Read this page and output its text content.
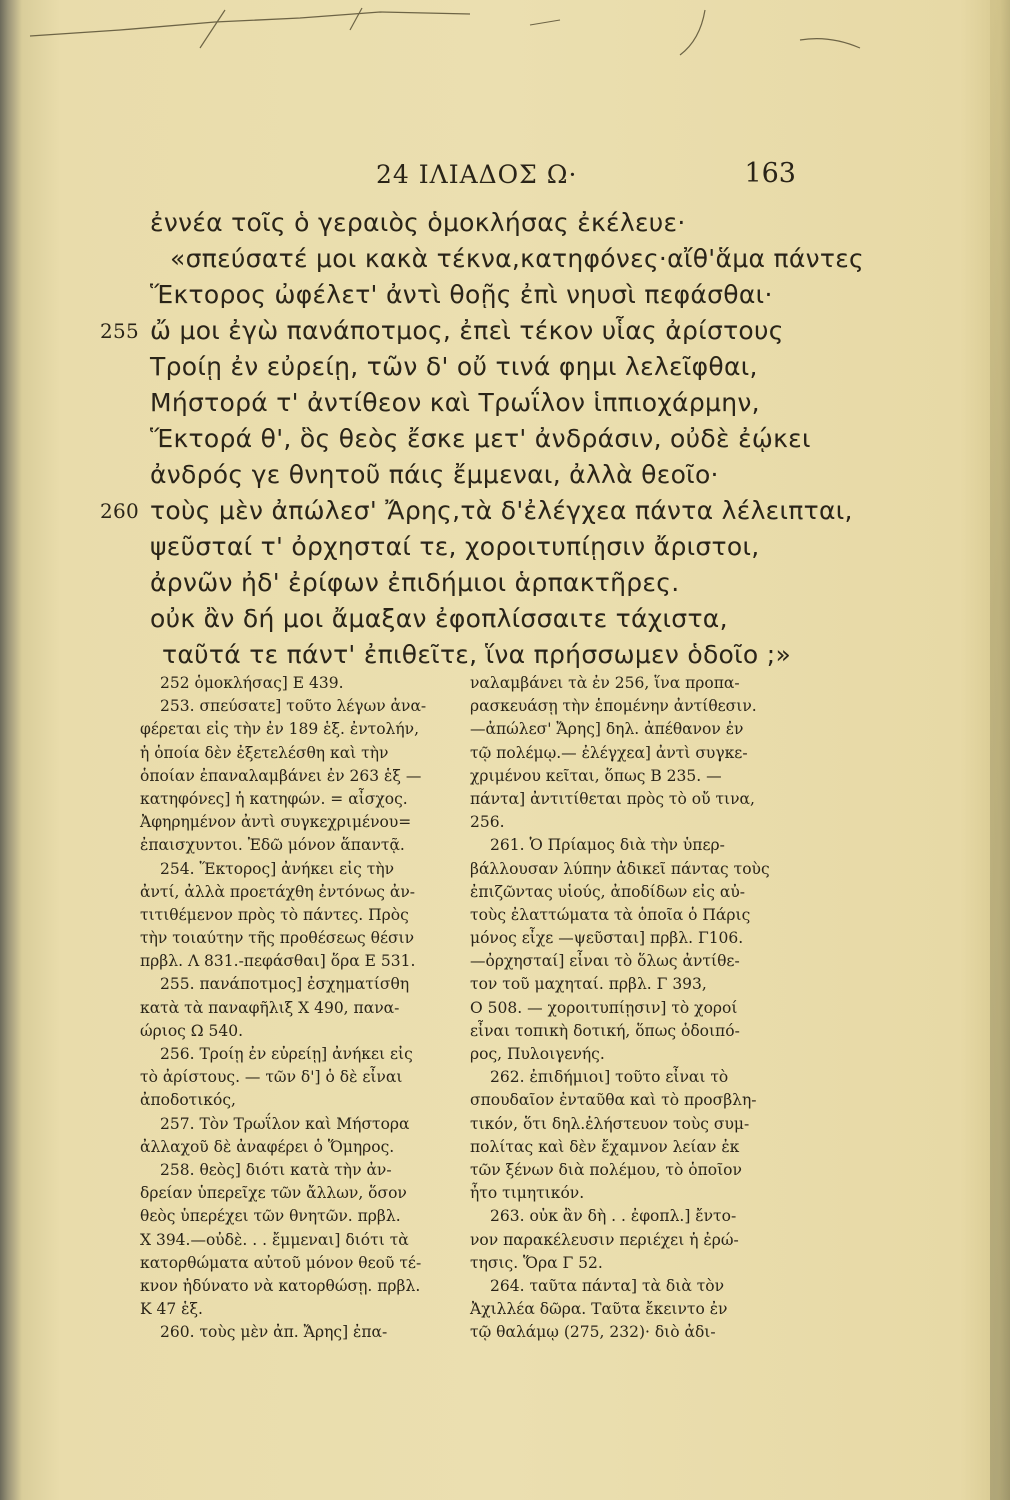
24 ΙΛΙΑΔΟΣ Ω·	163
ἐννέα τοῖς ὁ γεραιὸς ὁμοκλήσας ἐκέλευε·
«σπεύσατέ μοι κακὰ τέκνα,κατηφόνες·αἴθ'ἅμα πάντες
Ἕκτορος ὠφέλετ' ἀντὶ θοῇς ἐπὶ νηυσὶ πεφάσθαι·
255 ὤ μοι ἐγὼ πανάποτμος, ἐπεὶ τέκον υἷας ἀρίστους
Τροίῃ ἐν εὐρείῃ, τῶν δ' οὔ τινά φημι λελεῖφθαι,
Μήστορά τ' ἀντίθεον καὶ Τρωΐλον ἱππιοχάρμην,
Ἕκτορά θ', ὃς θεὸς ἔσκε μετ' ἀνδράσιν, οὐδὲ ἐῴκει
ἀνδρός γε θνητοῦ πάις ἔμμεναι, ἀλλὰ θεοῖο·
260 τοὺς μὲν ἀπώλεσ' Ἄρης,τὰ δ'ἐλέγχεα πάντα λέλειπται,
ψεῦσταί τ' ὀρχησταί τε, χοροιτυπίῃσιν ἄριστοι,
ἀρνῶν ἠδ' ἐρίφων ἐπιδήμιοι ἁρπακτῆρες.
οὐκ ἂν δή μοι ἄμαξαν ἐφοπλίσσαιτε τάχιστα,
ταῦτά τε πάντ' ἐπιθεῖτε, ἵνα πρήσσωμεν ὁδοῖο ;»
252 ὁμοκλήσας] Ε 439.
253. σπεύσατε] τοῦτο λέγων ἀνα-
φέρεται εἰς τὴν ἐν 189 ἑξ. ἐντολήν,
ἡ ὁποία δὲν ἐξετελέσθη καὶ τὴν
ὁποίαν ἐπαναλαμβάνει ἐν 263 ἑξ —
κατηφόνες] ἡ κατηφών. = αἶσχος.
Ἀφηρημένον ἀντὶ συγκεχριμένου=
ἐπαισχυντοι. Ἐδῶ μόνον ἅπαντᾷ.
254. Ἕκτορος] ἀνήκει εἰς τὴν
ἀντί, ἀλλὰ προετάχθη ἐντόνως ἀν-
τιτιθέμενον πρὸς τὸ πάντες. Πρὸς
τὴν τοιαύτην τῆς προθέσεως θέσιν
πρβλ. Λ 831.-πεφάσθαι] ὅρα Ε 531.
255. πανάποτμος] ἐσχηματίσθη
κατὰ τὰ παναφῆλιξ Χ 490, πανα-
ώριος Ω 540.
256. Τροίῃ ἐν εὐρείῃ] ἀνήκει εἰς
τὸ ἀρίστους. — τῶν δ'] ὁ δὲ εἶναι
ἀποδοτικός,
257. Τὸν Τρωΐλον καὶ Μήστορα
ἀλλαχοῦ δὲ ἀναφέρει ὁ Ὅμηρος.
258. θεὸς] διότι κατὰ τὴν ἀν-
δρείαν ὑπερεῖχε τῶν ἄλλων, ὅσον
θεὸς ὑπερέχει τῶν θνητῶν. πρβλ.
Χ 394.—οὐδὲ. . . ἔμμεναι] διότι τὰ
κατορθώματα αὐτοῦ μόνον θεοῦ τέ-
κνον ἠδύνατο νὰ κατορθώσῃ. πρβλ.
Κ 47 ἑξ.
260. τοὺς μὲν ἀπ. Ἄρης] ἐπα-
ναλαμβάνει τὰ ἐν 256, ἵνα προπα-
ρασκευάσῃ τὴν ἑπομένην ἀντίθεσιν.
—ἀπώλεσ' Ἄρης] δηλ. ἀπέθανον ἐν
τῷ πολέμῳ.— ἐλέγχεα] ἀντὶ συγκε-
χριμένου κεῖται, ὅπως Β 235. —
πάντα] ἀντιτίθεται πρὸς τὸ οὔ τινα,
256.
261. Ὁ Πρίαμος διὰ τὴν ὑπερ-
βάλλουσαν λύπην ἀδικεῖ πάντας τοὺς
ἐπιζῶντας υἱούς, ἀποδίδων εἰς αὐ-
τοὺς ἐλαττώματα τὰ ὁποῖα ὁ Πάρις
μόνος εἶχε —ψεῦσται] πρβλ. Γ106.
—ὀρχησταί] εἶναι τὸ ὅλως ἀντίθε-
τον τοῦ μαχηταί. πρβλ. Γ 393,
Ο 508. — χοροιτυπίῃσιν] τὸ χοροί
εἶναι τοπικὴ δοτική, ὅπως ὁδοιπό-
ρος, Πυλοιγενής.
262. ἐπιδήμιοι] τοῦτο εἶναι τὸ
σπουδαῖον ἐνταῦθα καὶ τὸ προσβλη-
τικόν, ὅτι δηλ.ἐλήστευον τοὺς συμ-
πολίτας καὶ δὲν ἔχαμνον λείαν ἐκ
τῶν ξένων διὰ πολέμου, τὸ ὁποῖον
ἦτο τιμητικόν.
263. οὐκ ἂν δὴ . . ἐφοπλ.] ἔντο-
νον παρακέλευσιν περιέχει ἡ ἐρώ-
τησις. Ὅρα Γ 52.
264. ταῦτα πάντα] τὰ διὰ τὸν
Ἀχιλλέα δῶρα. Ταῦτα ἔκειντο ἐν
τῷ θαλάμῳ (275, 232)· διὸ ἀδι-
